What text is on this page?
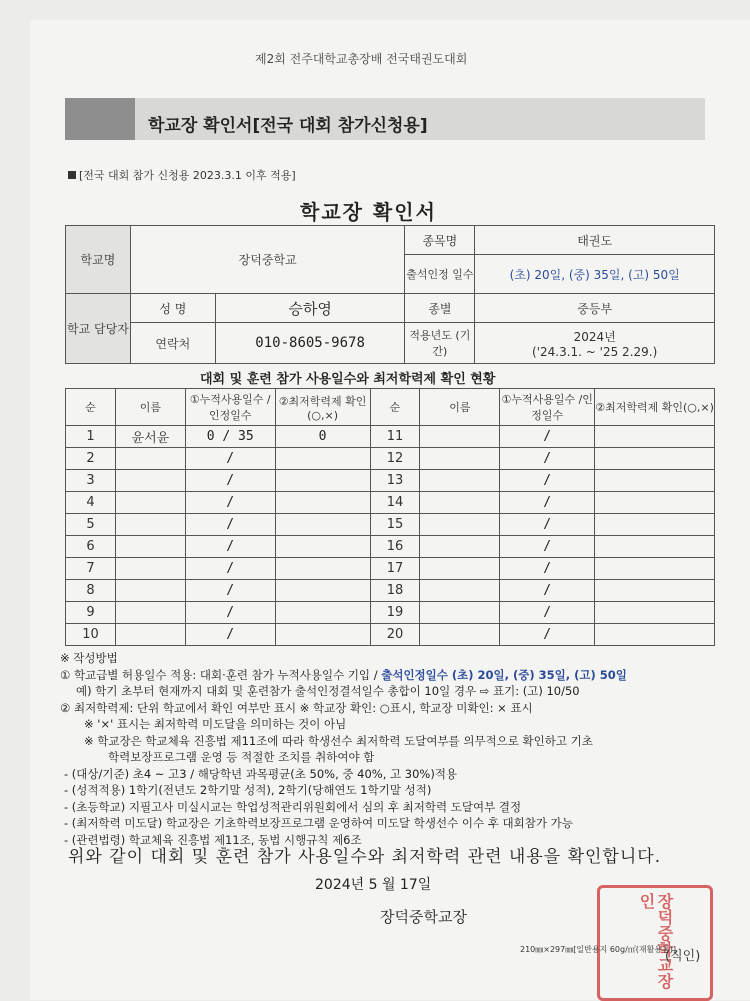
제2회 전주대학교총장배 전국태권도대회
학교장 확인서[전국 대회 참가신청용]
[전국 대회 참가 신청용 2023.3.1 이후 적용]
학교장 확인서
학교명	장덕중학교		종목명	태권도
			출석인정 일수	(초) 20일, (중) 35일, (고) 50일
학교 담당자	성 명	승하영	종별	중등부
	연락처	010-8605-9678	적용년도 (기간)	2024년
('24.3.1. ~ '25 2.29.)
대회 및 훈련 참가 사용일수와 최저학력제 확인 현황
순	이름	①누적사용일수 /인정일수	②최저학력제 확인(○,×)	순	이름	①누적사용일수 /인정일수	②최저학력제 확인(○,×)
1	윤서윤	0 / 35	0	11		/	
2		/		12		/	
3		/		13		/	
4		/		14		/	
5		/		15		/	
6		/		16		/	
7		/		17		/	
8		/		18		/	
9		/		19		/	
10		/		20		/	
※ 작성방법
① 학교급별 허용일수 적용: 대회·훈련 참가 누적사용일수 기입 / 출석인정일수 (초) 20일, (중) 35일, (고) 50일
예) 학기 초부터 현재까지 대회 및 훈련참가 출석인정결석일수 총합이 10일 경우 ⇨ 표기: (고) 10/50
② 최저학력제: 단위 학교에서 확인 여부만 표시 ※ 학교장 확인: ○표시, 학교장 미확인: × 표시
※ '×' 표시는 최저학력 미도달을 의미하는 것이 아님
※ 학교장은 학교체육 진흥법 제11조에 따라 학생선수 최저학력 도달여부를 의무적으로 확인하고 기초
학력보장프로그램 운영 등 적절한 조치를 취하여야 함
- (대상/기준) 초4 ~ 고3 / 해당학년 과목평균(초 50%, 중 40%, 고 30%)적용
- (성적적용) 1학기(전년도 2학기말 성적), 2학기(당해연도 1학기말 성적)
- (초등학교) 지필고사 미실시교는 학업성적관리위원회에서 심의 후 최저학력 도달여부 결정
- (최저학력 미도달) 학교장은 기초학력보장프로그램 운영하여 미도달 학생선수 이수 후 대회참가 가능
- (관련법령) 학교체육 진흥법 제11조, 동법 시행규칙 제6조
위와 같이 대회 및 훈련 참가 사용일수와 최저학력 관련 내용을 확인합니다.
2024년 5 월 17일
장덕중학교장	장덕중학교장인
(직인)
210㎜×297㎜[일반용지 60g/㎡(재활용품)]
